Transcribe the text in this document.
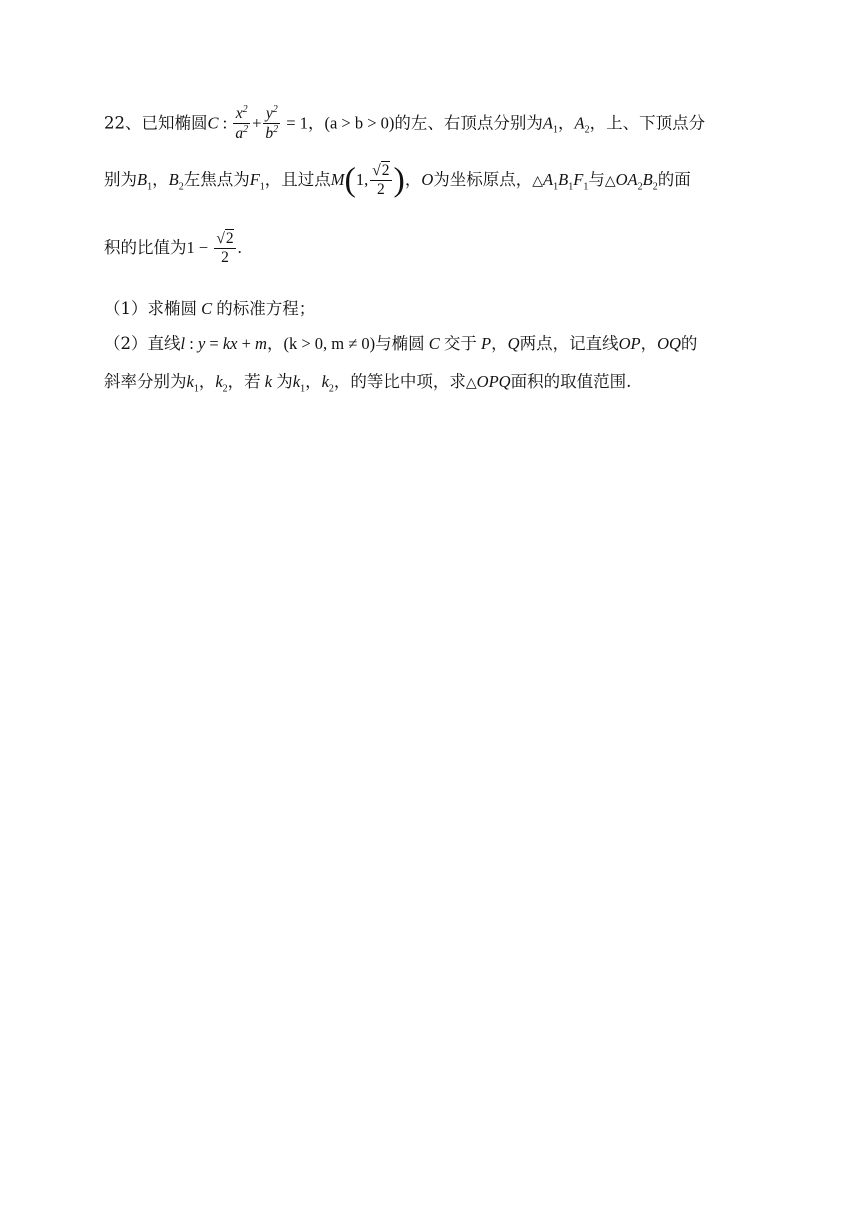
22、已知椭圆C : $\frac{x^2}{a^2} + \frac{y^2}{b^2} = 1$，(a > b > 0)的左、右顶点分别为$A_1$，$A_2$，上、下顶点分
别为$B_1$，$B_2$左焦点为$F_1$，且过点M(1, $\frac{√2}{2}$ )，O为坐标原点，$\triangle A_1B_1F_1$与$\triangle OA_2B_2$的面
积的比值为$1 - \frac{√2}{2}$ .
（1）求椭圆 C 的标准方程；
（2）直线l : y = kx + m，(k > 0, m ≠ 0)与椭圆 C 交于 P，Q两点，记直线OP，OQ的
斜率分别为$k_1$，$k_2$，若 k 为$k_1$，$k_2$，的等比中项，求△OPQ面积的取值范围.
